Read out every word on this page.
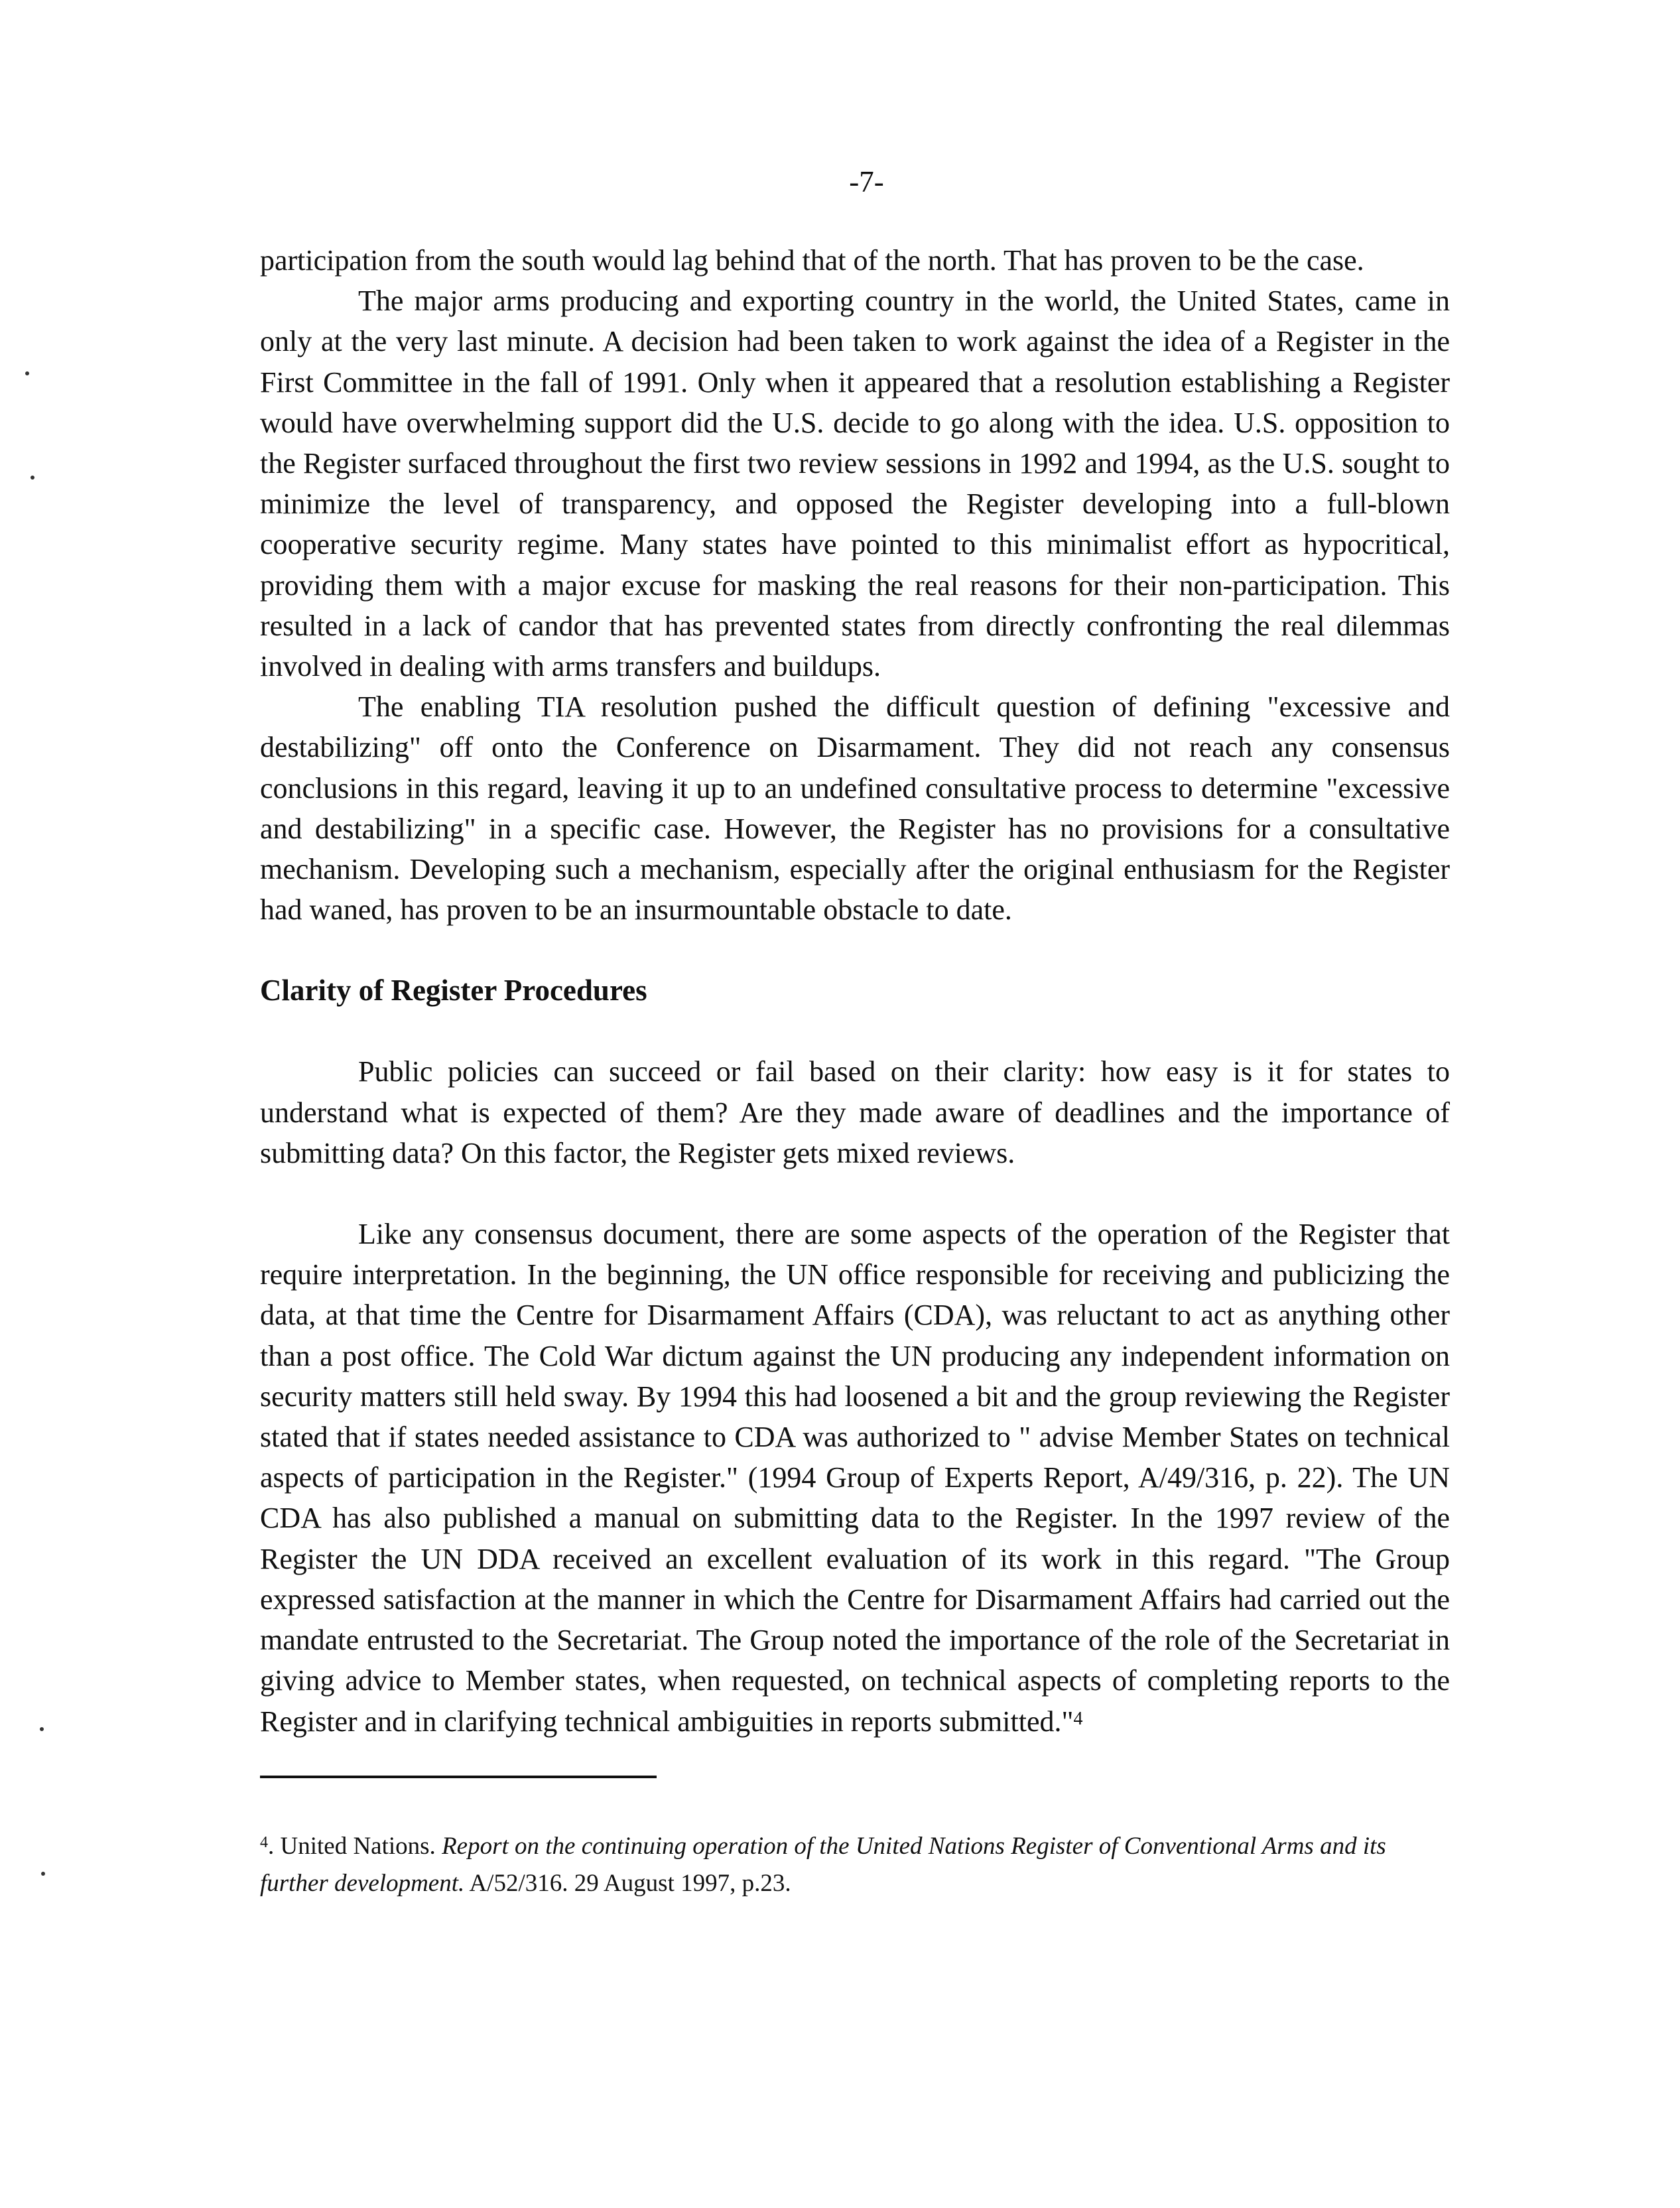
-7-

participation from the south would lag behind that of the north. That has proven to be the case.

The major arms producing and exporting country in the world, the United States, came in only at the very last minute. A decision had been taken to work against the idea of a Register in the First Committee in the fall of 1991. Only when it appeared that a resolution establishing a Register would have overwhelming support did the U.S. decide to go along with the idea. U.S. opposition to the Register surfaced throughout the first two review sessions in 1992 and 1994, as the U.S. sought to minimize the level of transparency, and opposed the Register developing into a full-blown cooperative security regime. Many states have pointed to this minimalist effort as hypocritical, providing them with a major excuse for masking the real reasons for their non-participation. This resulted in a lack of candor that has prevented states from directly confronting the real dilemmas involved in dealing with arms transfers and buildups.

The enabling TIA resolution pushed the difficult question of defining "excessive and destabilizing" off onto the Conference on Disarmament. They did not reach any consensus conclusions in this regard, leaving it up to an undefined consultative process to determine "excessive and destabilizing" in a specific case. However, the Register has no provisions for a consultative mechanism. Developing such a mechanism, especially after the original enthusiasm for the Register had waned, has proven to be an insurmountable obstacle to date.

Clarity of Register Procedures

Public policies can succeed or fail based on their clarity: how easy is it for states to understand what is expected of them? Are they made aware of deadlines and the importance of submitting data? On this factor, the Register gets mixed reviews.

Like any consensus document, there are some aspects of the operation of the Register that require interpretation. In the beginning, the UN office responsible for receiving and publicizing the data, at that time the Centre for Disarmament Affairs (CDA), was reluctant to act as anything other than a post office. The Cold War dictum against the UN producing any independent information on security matters still held sway. By 1994 this had loosened a bit and the group reviewing the Register stated that if states needed assistance to CDA was authorized to " advise Member States on technical aspects of participation in the Register." (1994 Group of Experts Report, A/49/316, p. 22). The UN CDA has also published a manual on submitting data to the Register. In the 1997 review of the Register the UN DDA received an excellent evaluation of its work in this regard. "The Group expressed satisfaction at the manner in which the Centre for Disarmament Affairs had carried out the mandate entrusted to the Secretariat. The Group noted the importance of the role of the Secretariat in giving advice to Member states, when requested, on technical aspects of completing reports to the Register and in clarifying technical ambiguities in reports submitted."$^4$

$^4$. United Nations. Report on the continuing operation of the United Nations Register of Conventional Arms and its further development. A/52/316. 29 August 1997, p.23.
